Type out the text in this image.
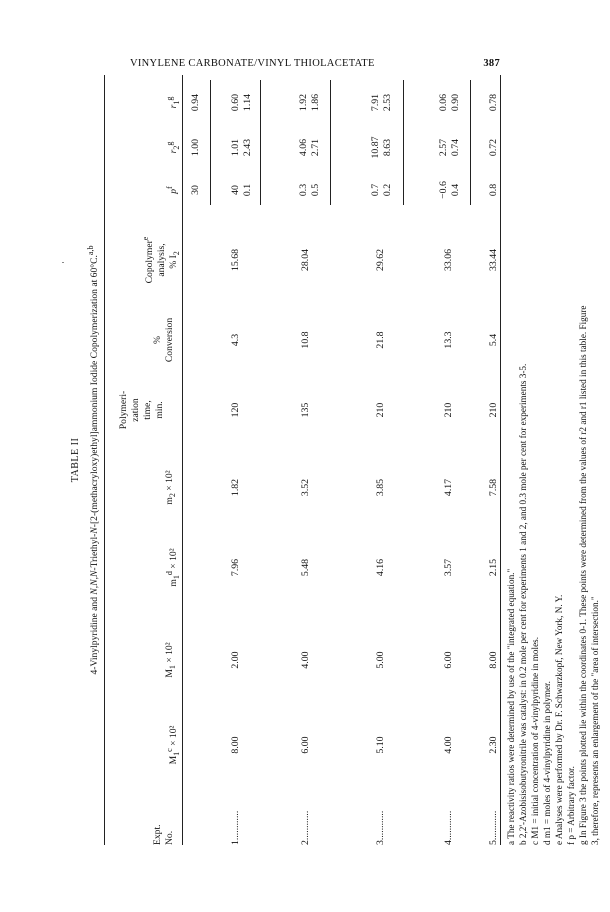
VINYLENE CARBONATE/VINYL THIOLACETATE	387
TABLE II
4-Vinylpyridine and N,N,N-Triethyl-N-[2-(methacryloxy)ethyl]ammonium Iodide Copolymerization at 60°C.$^{a,b}$
Expt. No.
$M_1^c \times 10^2$
$M_1 \times 10^2$
$m_1^d \times 10^2$
$m_2 \times 10^2$
Polymeri- zation time, min.
% Conversion
Copolymer$^e$
analysis, % $I_2$
$p^f$
$r_2^g$
$r_1^g$
1............
8.00
2.00
7.96
1.82
120
4.3
15.68
30
1.00
0.94
40
1.01
0.60
0.1
2.43
1.14
2............
6.00
4.00
5.48
3.52
135
10.8
28.04
0.3
4.06
1.92
0.5
2.71
1.86
3............
5.10
5.00
4.16
3.85
210
21.8
29.62
0.7
10.87
7.91
0.2
8.63
2.53
4............
4.00
6.00
3.57
4.17
210
13.3
33.06
−0.6
2.57
0.06
0.4
0.74
0.90
5............
2.30
8.00
2.15
7.58
210
5.4
33.44
0.8
0.72
0.78
a The reactivity ratios were determined by use of the "integrated equation." b 2,2'-Azobisisobutyronitrile was catalyst: in 0.2 mole per cent for experiments 1 and 2, and 0.3 mole per cent for experiments 3-5. c M1 = initial concentration of 4-vinylpyridine in moles. d m1 = moles of 4-vinylpyridine in polymer. e Analyses were performed by Dr. F. Schwarzkopf, New York, N. Y. f p = Arbitrary factor. g In Figure 3 the points plotted lie within the coordinates 0-1. These points were determined from the values of r2 and r1 listed in this table. Figure 3, therefore, represents an enlargement of the "area of intersection."
